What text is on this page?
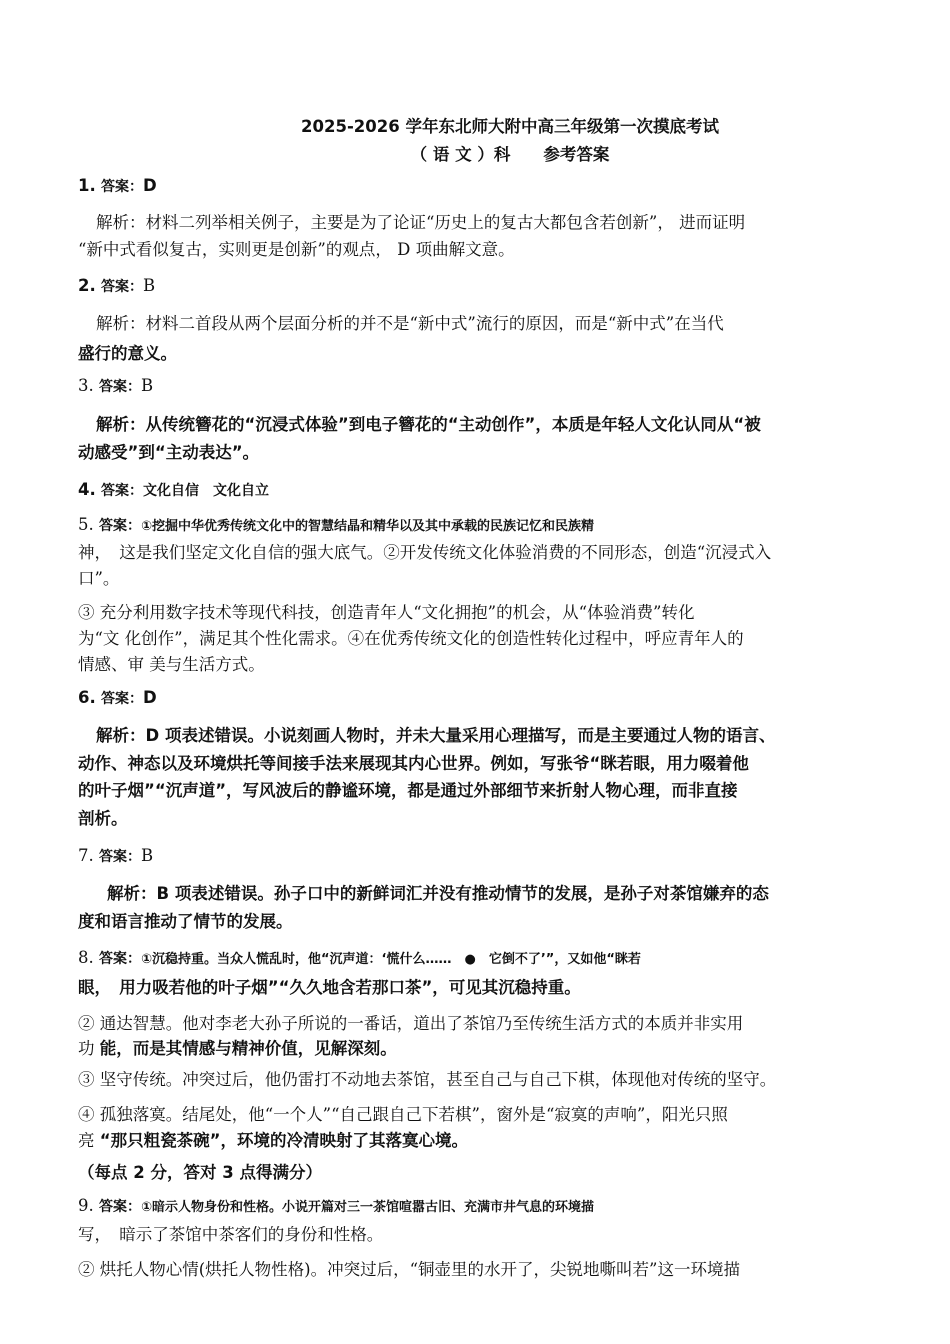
2025-2026 学年东北师大附中高三年级第一次摸底考试
（ 语 文 ）科　　参考答案
1. 答案：D
解析：材料二列举相关例子，主要是为了论证“历史上的复古大都包含若创新”， 进而证明
“新中式看似复古，实则更是创新”的观点， D 项曲解文意。
2. 答案：B
解析：材料二首段从两个层面分析的并不是“新中式”流行的原因，而是“新中式”在当代
盛行的意义。
3. 答案：B
解析：从传统簪花的“沉浸式体验”到电子簪花的“主动创作”，本质是年轻人文化认同从“被
动感受”到“主动表达”。
4. 答案：文化自信　文化自立
5. 答案：①挖掘中华优秀传统文化中的智慧结晶和精华以及其中承载的民族记忆和民族精
神，　这是我们坚定文化自信的强大底气。②开发传统文化体验消费的不同形态，创造“沉浸式入
口”。
③ 充分利用数字技术等现代科技，创造青年人“文化拥抱”的机会，从“体验消费”转化
为“文 化创作”，满足其个性化需求。④在优秀传统文化的创造性转化过程中，呼应青年人的
情感、审 美与生活方式。
6. 答案：D
解析：D 项表述错误。小说刻画人物时，并未大量采用心理描写，而是主要通过人物的语言、
动作、神态以及环境烘托等间接手法来展现其内心世界。例如，写张爷“眯若眼，用力啜着他
的叶子烟”“沉声道”，写风波后的静谧环境，都是通过外部细节来折射人物心理，而非直接
剖析。
7. 答案：B
解析：B 项表述错误。孙子口中的新鲜词汇并没有推动情节的发展，是孙子对茶馆嫌弃的态
度和语言推动了情节的发展。
8. 答案：①沉稳持重。当众人慌乱时，他“沉声道：‘慌什么……　●　它倒不了’”，又如他“眯若
眼，　用力吸若他的叶子烟”“久久地含若那口茶”，可见其沉稳持重。
② 通达智慧。他对李老大孙子所说的一番话，道出了茶馆乃至传统生活方式的本质并非实用
功 能，而是其情感与精神价值，见解深刻。
③ 坚守传统。冲突过后，他仍雷打不动地去茶馆，甚至自己与自己下棋，体现他对传统的坚守。
④ 孤独落寞。结尾处，他“一个人”“自己跟自己下若棋”，窗外是“寂寞的声响”，阳光只照
亮 “那只粗瓷茶碗”，环境的冷清映射了其落寞心境。
（每点 2 分，答对 3 点得满分）
9. 答案：①暗示人物身份和性格。小说开篇对三一茶馆喧嚣古旧、充满市井气息的环境描
写，　暗示了茶馆中茶客们的身份和性格。
② 烘托人物心情(烘托人物性格)。冲突过后，“铜壶里的水开了，尖锐地嘶叫若”这一环境描
